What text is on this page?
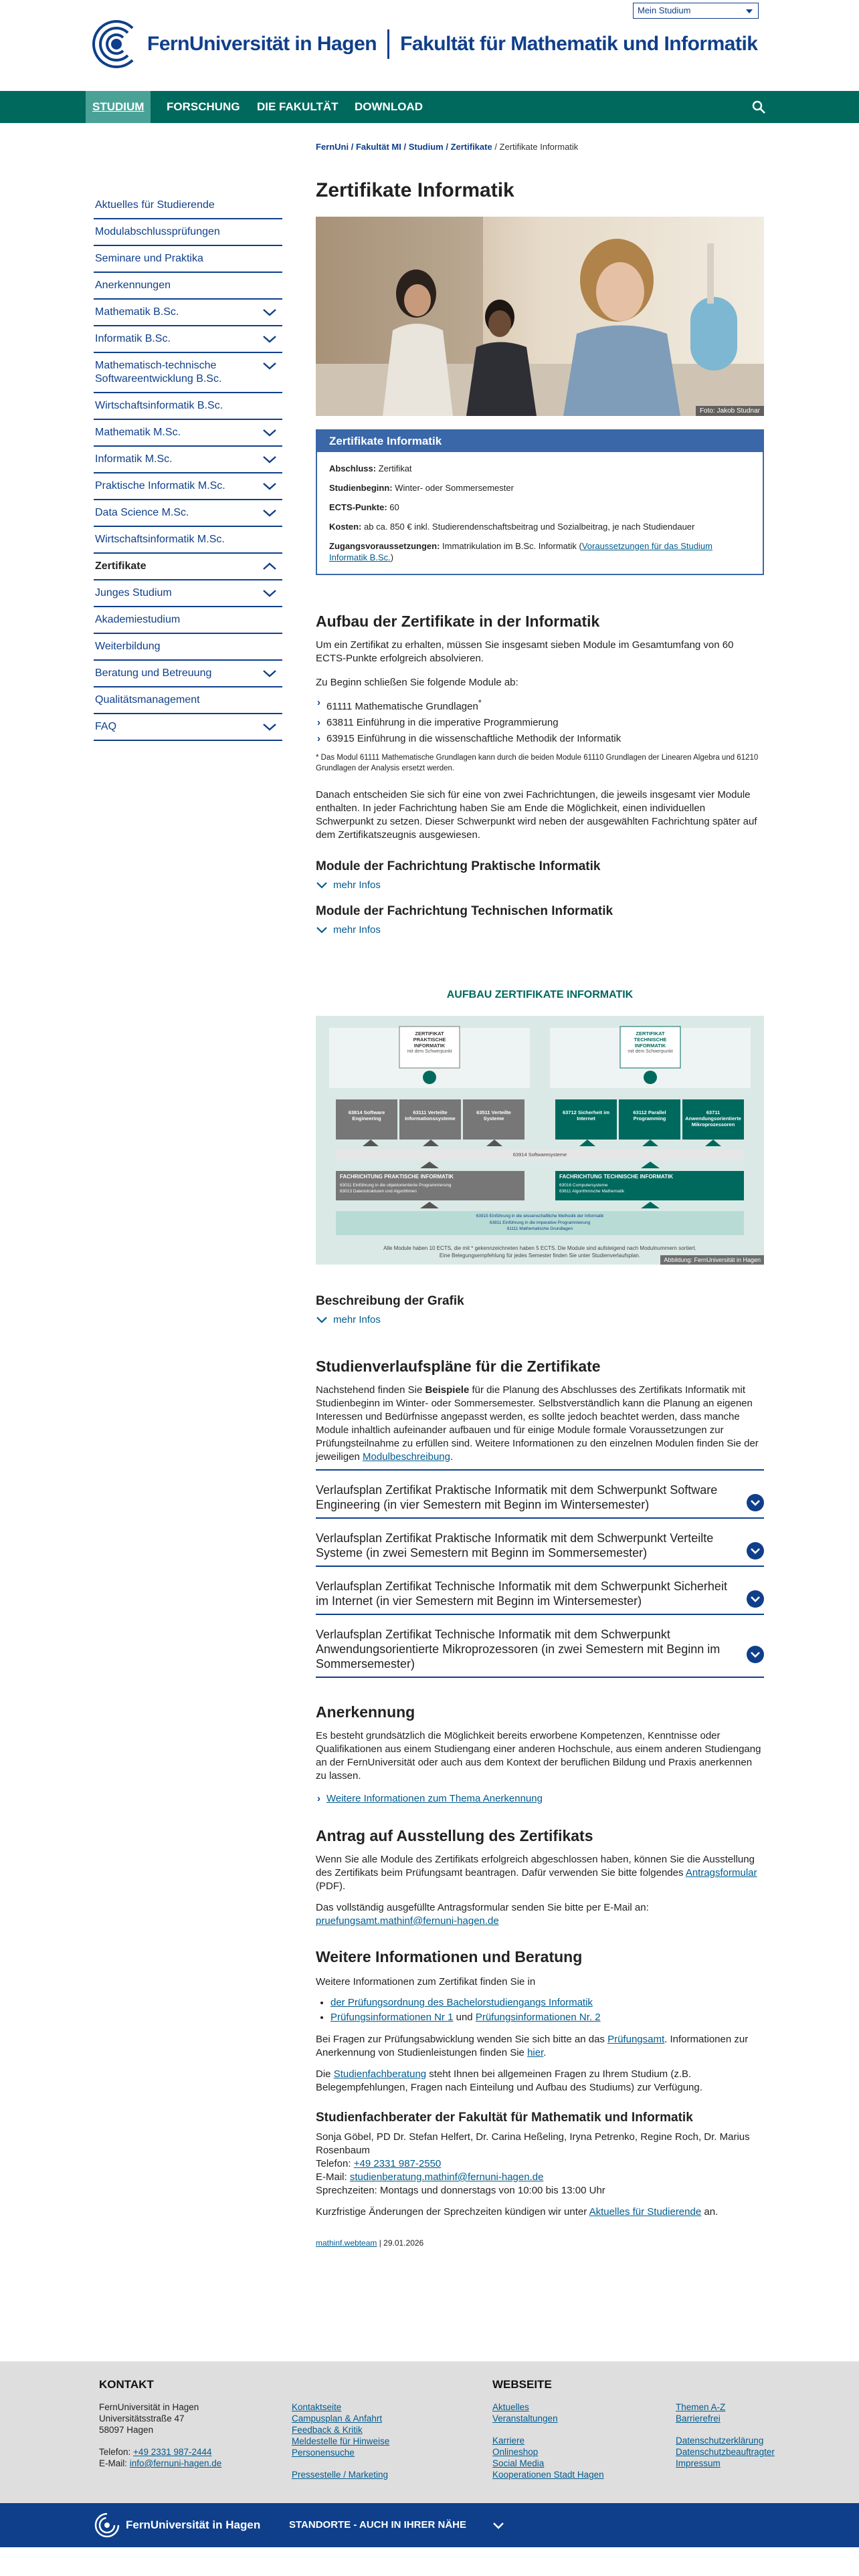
FernUniversität in Hagen Fakultät für Mathematik und Informatik
Mein Studium
STUDIUM	FORSCHUNG	DIE FAKULTÄT	DOWNLOAD
FernUni / Fakultät MI / Studium / Zertifikate / Zertifikate Informatik
Aktuelles für Studierende
Modulabschlussprüfungen
Seminare und Praktika
Anerkennungen
Mathematik B.Sc.
Informatik B.Sc.
Mathematisch-technische Softwareentwicklung B.Sc.
Wirtschaftsinformatik B.Sc.
Mathematik M.Sc.
Informatik M.Sc.
Praktische Informatik M.Sc.
Data Science M.Sc.
Wirtschaftsinformatik M.Sc.
Zertifikate
Junges Studium
Akademiestudium
Weiterbildung
Beratung und Betreuung
Qualitätsmanagement
FAQ
Zertifikate Informatik
Foto: Jakob Studnar
Zertifikate Informatik
Abschluss: Zertifikat
Studienbeginn: Winter- oder Sommersemester
ECTS-Punkte: 60
Kosten: ab ca. 850 € inkl. Studierendenschaftsbeitrag und Sozialbeitrag, je nach Studiendauer
Zugangsvoraussetzungen: Immatrikulation im B.Sc. Informatik (Voraussetzungen für das Studium Informatik B.Sc.)
Aufbau der Zertifikate in der Informatik

Um ein Zertifikat zu erhalten, müssen Sie insgesamt sieben Module im Gesamtumfang von 60 ECTS-Punkte erfolgreich absolvieren.

Zu Beginn schließen Sie folgende Module ab:

› 61111 Mathematische Grundlagen*
› 63811 Einführung in die imperative Programmierung
› 63915 Einführung in die wissenschaftliche Methodik der Informatik

* Das Modul 61111 Mathematische Grundlagen kann durch die beiden Module 61110 Grundlagen der Linearen Algebra und 61210 Grundlagen der Analysis ersetzt werden.

Danach entscheiden Sie sich für eine von zwei Fachrichtungen, die jeweils insgesamt vier Module enthalten. In jeder Fachrichtung haben Sie am Ende die Möglichkeit, einen individuellen Schwerpunkt zu setzen. Dieser Schwerpunkt wird neben der ausgewählten Fachrichtung später auf dem Zertifikatszeugnis ausgewiesen.

Module der Fachrichtung Praktische Informatik
mehr Infos
Module der Fachrichtung Technischen Informatik
mehr Infos
AUFBAU ZERTIFIKATE INFORMATIK
ZERTIFIKAT PRAKTISCHE INFORMATIK
mit dem Schwerpunkt
ZERTIFIKAT TECHNISCHE INFORMATIK
mit dem Schwerpunkt
63814 Software Engineering
63111 Verteilte Informationssysteme
63511 Verteilte Systeme
63712 Sicherheit im Internet
63112 Parallel Programming
63711 Anwendungsorientierte Mikroprozessoren
63914 Softwaresysteme
FACHRICHTUNG PRAKTISCHE INFORMATIK
63011 Einführung in die objektorientierte Programmierung
63013 Datenstrukturen und Algorithmen
FACHRICHTUNG TECHNISCHE INFORMATIK
63016 Computersysteme
63611 Algorithmische Mathematik
63915 Einführung in die wissenschaftliche Methodik der Informatik
63811 Einführung in die imperative Programmierung
61111 Mathematische Grundlagen
Alle Module haben 10 ECTS, die mit * gekennzeichneten haben 5 ECTS. Die Module sind aufsteigend nach Modulnummern sortiert.
Eine Belegungsempfehlung für jedes Semester finden Sie unter Studienverlaufsplan.
Abbildung: FernUniversität in Hagen
Beschreibung der Grafik
mehr Infos
Studienverlaufspläne für die Zertifikate

Nachstehend finden Sie Beispiele für die Planung des Abschlusses des Zertifikats Informatik mit Studienbeginn im Winter- oder Sommersemester. Selbstverständlich kann die Planung an eigenen Interessen und Bedürfnisse angepasst werden, es sollte jedoch beachtet werden, dass manche Module inhaltlich aufeinander aufbauen und für einige Module formale Voraussetzungen zur Prüfungsteilnahme zu erfüllen sind. Weitere Informationen zu den einzelnen Modulen finden Sie der jeweiligen Modulbeschreibung.

Verlaufsplan Zertifikat Praktische Informatik mit dem Schwerpunkt Software Engineering (in vier Semestern mit Beginn im Wintersemester)
Verlaufsplan Zertifikat Praktische Informatik mit dem Schwerpunkt Verteilte Systeme (in zwei Semestern mit Beginn im Sommersemester)
Verlaufsplan Zertifikat Technische Informatik mit dem Schwerpunkt Sicherheit im Internet (in vier Semestern mit Beginn im Wintersemester)
Verlaufsplan Zertifikat Technische Informatik mit dem Schwerpunkt Anwendungsorientierte Mikroprozessoren (in zwei Semestern mit Beginn im Sommersemester)
Anerkennung

Es besteht grundsätzlich die Möglichkeit bereits erworbene Kompetenzen, Kenntnisse oder Qualifikationen aus einem Studiengang einer anderen Hochschule, aus einem anderen Studiengang an der FernUniversität oder auch aus dem Kontext der beruflichen Bildung und Praxis anerkennen zu lassen.

› Weitere Informationen zum Thema Anerkennung
Antrag auf Ausstellung des Zertifikats

Wenn Sie alle Module des Zertifikats erfolgreich abgeschlossen haben, können Sie die Ausstellung des Zertifikats beim Prüfungsamt beantragen. Dafür verwenden Sie bitte folgendes Antragsformular (PDF).

Das vollständig ausgefüllte Antragsformular senden Sie bitte per E-Mail an:
pruefungsamt.mathinf@fernuni-hagen.de

Weitere Informationen und Beratung

Weitere Informationen zum Zertifikat finden Sie in

• der Prüfungsordnung des Bachelorstudiengangs Informatik
• Prüfungsinformationen Nr 1 und Prüfungsinformationen Nr. 2

Bei Fragen zur Prüfungsabwicklung wenden Sie sich bitte an das Prüfungsamt. Informationen zur Anerkennung von Studienleistungen finden Sie hier.

Die Studienfachberatung steht Ihnen bei allgemeinen Fragen zu Ihrem Studium (z.B. Belegempfehlungen, Fragen nach Einteilung und Aufbau des Studiums) zur Verfügung.

Studienfachberater der Fakultät für Mathematik und Informatik

Sonja Göbel, PD Dr. Stefan Helfert, Dr. Carina Heßeling, Iryna Petrenko, Regine Roch, Dr. Marius Rosenbaum
Telefon: +49 2331 987-2550
E-Mail: studienberatung.mathinf@fernuni-hagen.de
Sprechzeiten: Montags und donnerstags von 10:00 bis 13:00 Uhr

Kurzfristige Änderungen der Sprechzeiten kündigen wir unter Aktuelles für Studierende an.

mathinf.webteam | 29.01.2026

KONTAKT
FernUniversität in Hagen
Universitätsstraße 47
58097 Hagen
Telefon: +49 2331 987-2444
E-Mail: info@fernuni-hagen.de
Kontaktseite
Campusplan & Anfahrt
Feedback & Kritik
Meldestelle für Hinweise
Personensuche
Pressestelle / Marketing
WEBSEITE
Aktuelles
Veranstaltungen
Karriere
Onlineshop
Social Media
Kooperationen Stadt Hagen
Themen A-Z
Barrierefrei
Datenschutzerklärung
Datenschutzbeauftragter
Impressum
FernUniversität in Hagen	STANDORTE - AUCH IN IHRER NÄHE
